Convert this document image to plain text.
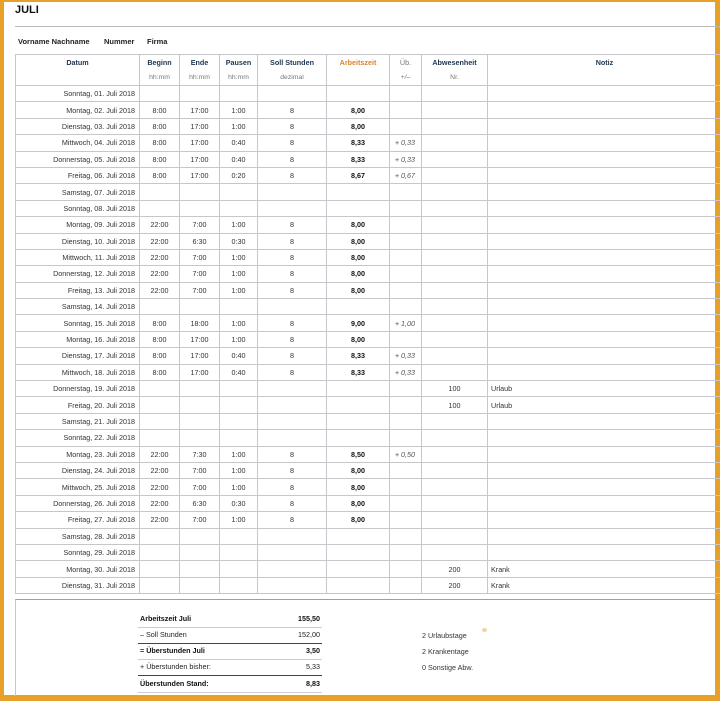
JULI
Vorname Nachname Nummer Firma
Datum	Beginn	Ende	Pausen	Soll Stunden	Arbeitszeit	Üb.	Abwesenheit	Notiz
	hh:mm	hh:mm	hh:mm	dezimal		+/–	Nr.	
Sonntag, 01. Juli 2018								
Montag, 02. Juli 2018	8:00	17:00	1:00	8	8,00			
Dienstag, 03. Juli 2018	8:00	17:00	1:00	8	8,00			
Mittwoch, 04. Juli 2018	8:00	17:00	0:40	8	8,33	+ 0,33		
Donnerstag, 05. Juli 2018	8:00	17:00	0:40	8	8,33	+ 0,33		
Freitag, 06. Juli 2018	8:00	17:00	0:20	8	8,67	+ 0,67		
Samstag, 07. Juli 2018								
Sonntag, 08. Juli 2018								
Montag, 09. Juli 2018	22:00	7:00	1:00	8	8,00			
Dienstag, 10. Juli 2018	22:00	6:30	0:30	8	8,00			
Mittwoch, 11. Juli 2018	22:00	7:00	1:00	8	8,00			
Donnerstag, 12. Juli 2018	22:00	7:00	1:00	8	8,00			
Freitag, 13. Juli 2018	22:00	7:00	1:00	8	8,00			
Samstag, 14. Juli 2018								
Sonntag, 15. Juli 2018	8:00	18:00	1:00	8	9,00	+ 1,00		
Montag, 16. Juli 2018	8:00	17:00	1:00	8	8,00			
Dienstag, 17. Juli 2018	8:00	17:00	0:40	8	8,33	+ 0,33		
Mittwoch, 18. Juli 2018	8:00	17:00	0:40	8	8,33	+ 0,33		
Donnerstag, 19. Juli 2018							100	Urlaub
Freitag, 20. Juli 2018							100	Urlaub
Samstag, 21. Juli 2018								
Sonntag, 22. Juli 2018								
Montag, 23. Juli 2018	22:00	7:30	1:00	8	8,50	+ 0,50		
Dienstag, 24. Juli 2018	22:00	7:00	1:00	8	8,00			
Mittwoch, 25. Juli 2018	22:00	7:00	1:00	8	8,00			
Donnerstag, 26. Juli 2018	22:00	6:30	0:30	8	8,00			
Freitag, 27. Juli 2018	22:00	7:00	1:00	8	8,00			
Samstag, 28. Juli 2018								
Sonntag, 29. Juli 2018								
Montag, 30. Juli 2018							200	Krank
Dienstag, 31. Juli 2018							200	Krank
Arbeitszeit Juli	155,50
– Soll Stunden	152,00
= Überstunden Juli	3,50
+ Überstunden bisher:	5,33
Überstunden Stand:	8,83
2 Urlaubstage
2 Krankentage
0 Sonstige Abw.
